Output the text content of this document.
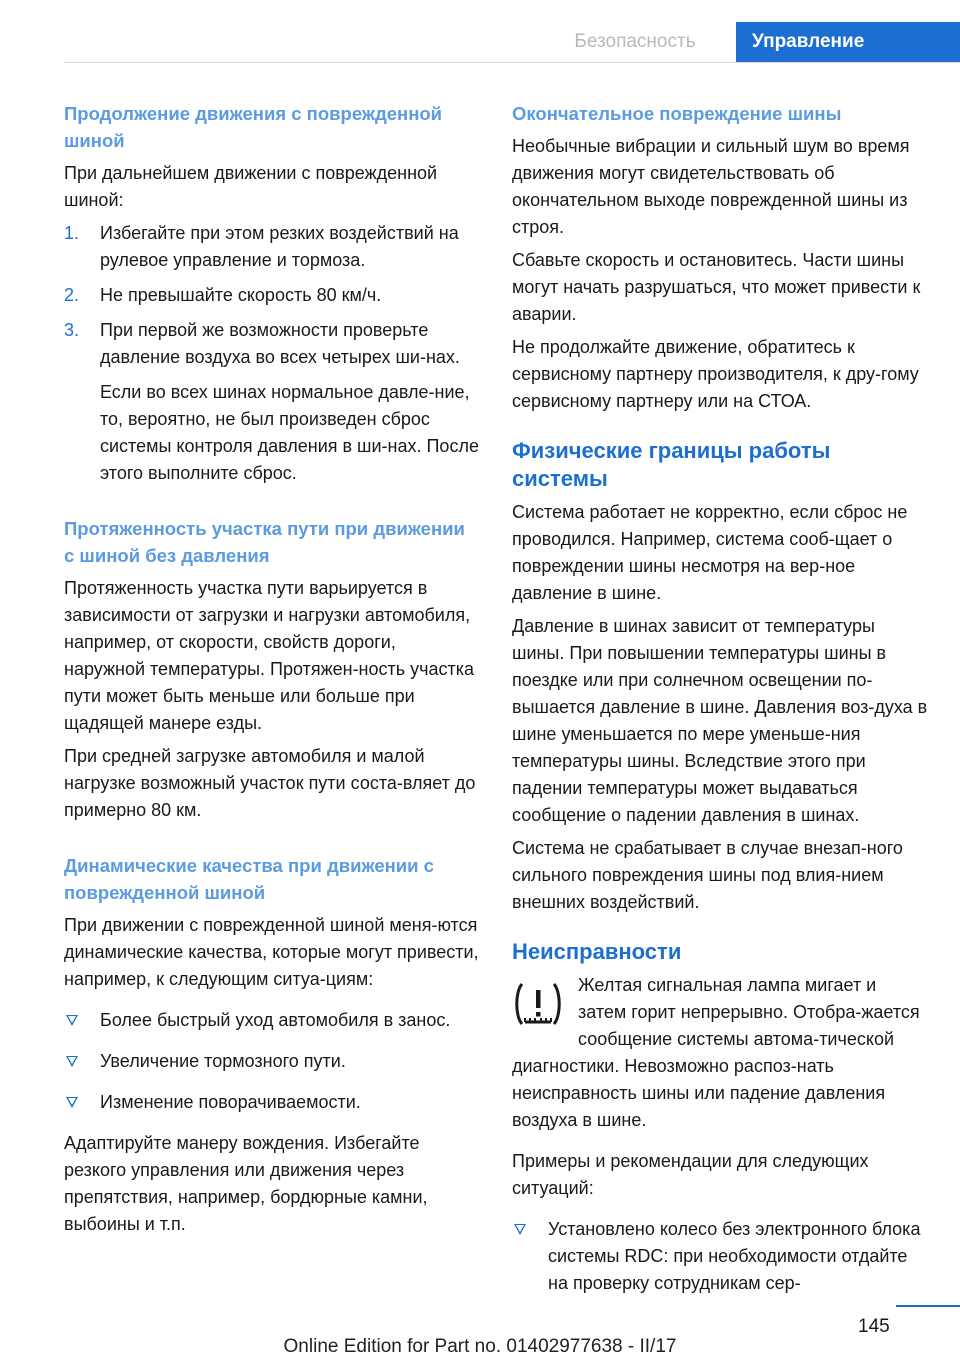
Безопасность	Управление
Продолжение движения с поврежденной шиной
При дальнейшем движении с поврежденной шиной:
1. Избегайте при этом резких воздействий на рулевое управление и тормоза.
2. Не превышайте скорость 80 км/ч.
3. При первой же возможности проверьте давление воздуха во всех четырех ши-нах.
Если во всех шинах нормальное давле-ние, то, вероятно, не был произведен сброс системы контроля давления в ши-нах. После этого выполните сброс.
Протяженность участка пути при движении с шиной без давления
Протяженность участка пути варьируется в зависимости от загрузки и нагрузки автомобиля, например, от скорости, свойств дороги, наружной температуры. Протяжен-ность участка пути может быть меньше или больше при щадящей манере езды.
При средней загрузке автомобиля и малой нагрузке возможный участок пути соста-вляет до примерно 80 км.
Динамические качества при движении с поврежденной шиной
При движении с поврежденной шиной меня-ются динамические качества, которые могут привести, например, к следующим ситуа-циям:
Более быстрый уход автомобиля в занос.
Увеличение тормозного пути.
Изменение поворачиваемости.
Адаптируйте манеру вождения. Избегайте резкого управления или движения через препятствия, например, бордюрные камни, выбоины и т.п.
Окончательное повреждение шины
Необычные вибрации и сильный шум во время движения могут свидетельствовать об окончательном выходе поврежденной шины из строя.
Сбавьте скорость и остановитесь. Части шины могут начать разрушаться, что может привести к аварии.
Не продолжайте движение, обратитесь к сервисному партнеру производителя, к дру-гому сервисному партнеру или на СТОА.
Физические границы работы системы
Система работает не корректно, если сброс не проводился. Например, система сооб-щает о повреждении шины несмотря на вер-ное давление в шине.
Давление в шинах зависит от температуры шины. При повышении температуры шины в поездке или при солнечном освещении по-вышается давление в шине. Давления воз-духа в шине уменьшается по мере уменьше-ния температуры шины. Вследствие этого при падении температуры может выдаваться сообщение о падении давления в шинах.
Система не срабатывает в случае внезап-ного сильного повреждения шины под влия-нием внешних воздействий.
Неисправности
Желтая сигнальная лампа мигает и затем горит непрерывно. Отобра-жается сообщение системы автома-тической диагностики. Невозможно распоз-нать неисправность шины или падение давления воздуха в шине.
Примеры и рекомендации для следующих ситуаций:
Установлено колесо без электронного блока системы RDC: при необходимости отдайте на проверку сотрудникам сер-
145
Online Edition for Part no. 01402977638 - II/17
